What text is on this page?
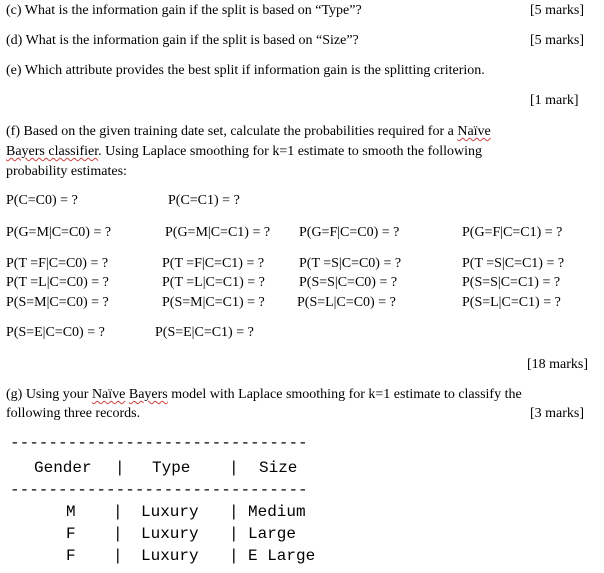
(c) What is the information gain if the split is based on “Type”?	[5 marks]
(d) What is the information gain if the split is based on “Size”?	[5 marks]
(e) Which attribute provides the best split if information gain is the splitting criterion.
[1 mark]
(f) Based on the given training date set, calculate the probabilities required for a Naïve
Bayers classifier. Using Laplace smoothing for k=1 estimate to smooth the following
probability estimates:
P(C=C0) = ?	P(C=C1) = ?
P(G=M|C=C0) = ?	P(G=M|C=C1) = ? P(G=F|C=C0) = ?	P(G=F|C=C1) = ?
P(T =F|C=C0) = ?	P(T =F|C=C1) = ? P(T =S|C=C0) = ?	P(T =S|C=C1) = ?
P(T =L|C=C0) = ?	P(T =L|C=C1) = ? P(S=S|C=C0) = ?	P(S=S|C=C1) = ?
P(S=M|C=C0) = ?	P(S=M|C=C1) = ? P(S=L|C=C0) = ?	P(S=L|C=C1) = ?
P(S=E|C=C0) = ?	P(S=E|C=C1) = ?
[18 marks]
(g) Using your Naïve Bayers model with Laplace smoothing for k=1 estimate to classify the
following three records.	[3 marks]
-------------------------------
Gender | Type | Size
-------------------------------
M | Luxury | Medium
F | Luxury | Large
F | Luxury | E Large
